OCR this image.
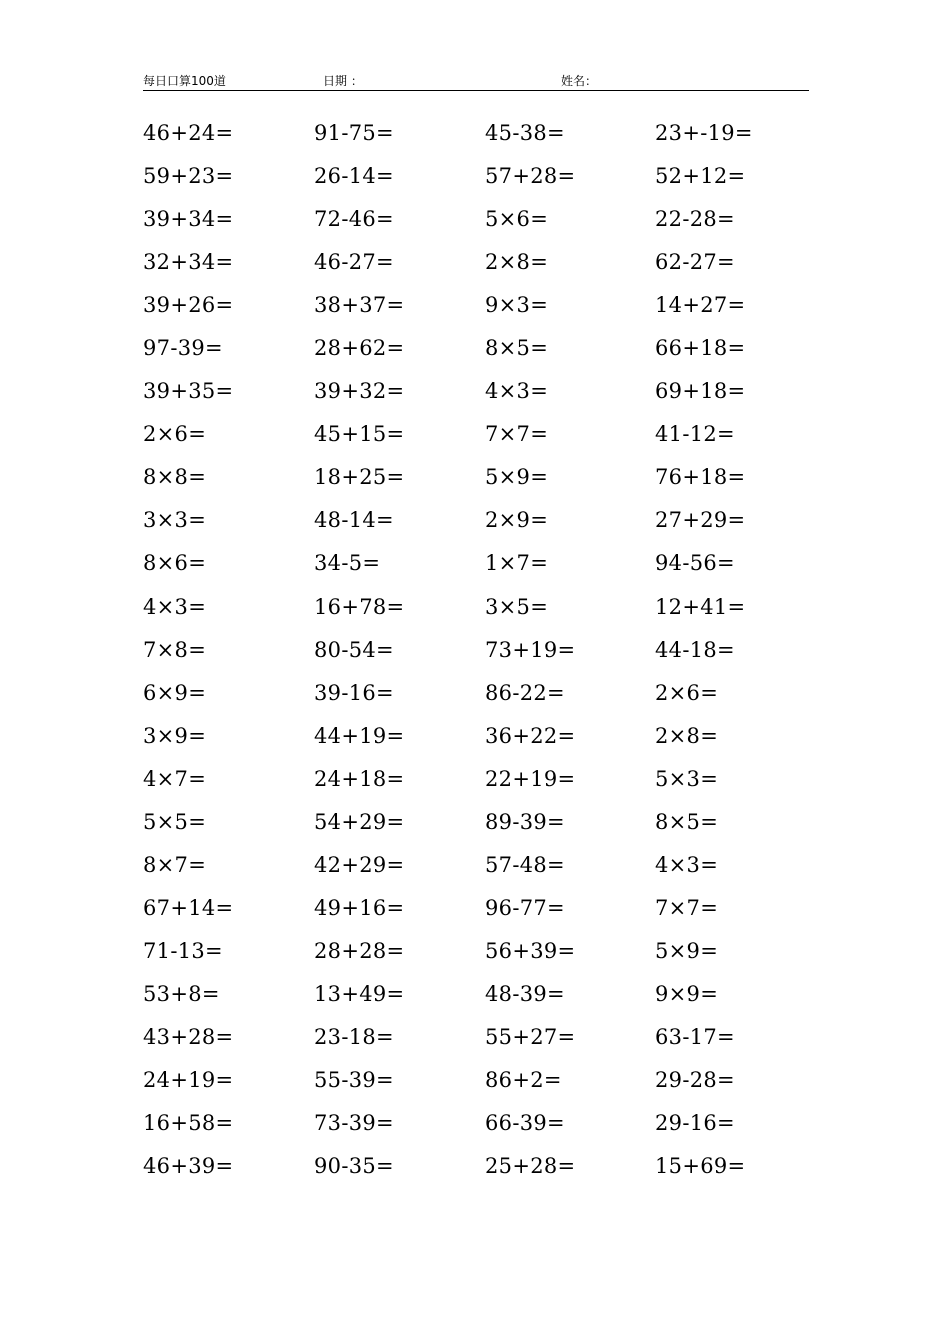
每日口算100道	日期 ：	姓名：
46+24=	91-75=	45-38=	23+-19=
59+23=	26-14=	57+28=	52+12=
39+34=	72-46=	5×6=	22-28=
32+34=	46-27=	2×8=	62-27=
39+26=	38+37=	9×3=	14+27=
97-39=	28+62=	8×5=	66+18=
39+35=	39+32=	4×3=	69+18=
2×6=	45+15=	7×7=	41-12=
8×8=	18+25=	5×9=	76+18=
3×3=	48-14=	2×9=	27+29=
8×6=	34-5=	1×7=	94-56=
4×3=	16+78=	3×5=	12+41=
7×8=	80-54=	73+19=	44-18=
6×9=	39-16=	86-22=	2×6=
3×9=	44+19=	36+22=	2×8=
4×7=	24+18=	22+19=	5×3=
5×5=	54+29=	89-39=	8×5=
8×7=	42+29=	57-48=	4×3=
67+14=	49+16=	96-77=	7×7=
71-13=	28+28=	56+39=	5×9=
53+8=	13+49=	48-39=	9×9=
43+28=	23-18=	55+27=	63-17=
24+19=	55-39=	86+2=	29-28=
16+58=	73-39=	66-39=	29-16=
46+39=	90-35=	25+28=	15+69=
